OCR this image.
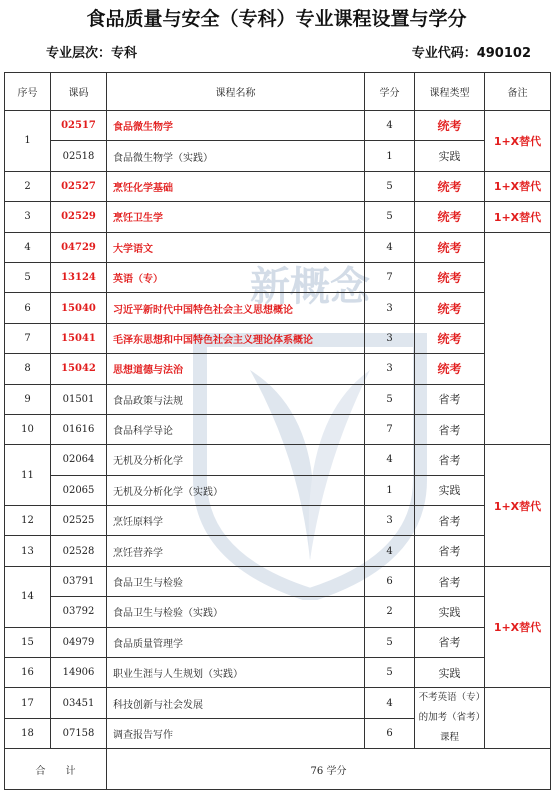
食品质量与安全（专科）专业课程设置与学分
专业层次：专科	专业代码：490102
新概念
序号	课码	课程名称	学分	课程类型	备注
1	02517	食品微生物学	4	统考	1+X替代
	02518	食品微生物学（实践）	1	实践	
2	02527	烹饪化学基础	5	统考	1+X替代
3	02529	烹饪卫生学	5	统考	1+X替代
4	04729	大学语文	4	统考	
5	13124	英语（专）	7	统考	
6	15040	习近平新时代中国特色社会主义思想概论	3	统考	
7	15041	毛泽东思想和中国特色社会主义理论体系概论	3	统考	
8	15042	思想道德与法治	3	统考	
9	01501	食品政策与法规	5	省考	
10	01616	食品科学导论	7	省考	
11	02064	无机及分析化学	4	省考	1+X替代
	02065	无机及分析化学（实践）	1	实践	
12	02525	烹饪原料学	3	省考	
13	02528	烹饪营养学	4	省考	
14	03791	食品卫生与检验	6	省考	1+X替代
	03792	食品卫生与检验（实践）	2	实践	
15	04979	食品质量管理学	5	省考	
16	14906	职业生涯与人生规划（实践）	5	实践	
17	03451	科技创新与社会发展	4	不考英语（专）的加考（省考）课程	
18	07158	调查报告写作	6		
合　　计		76 学分			
